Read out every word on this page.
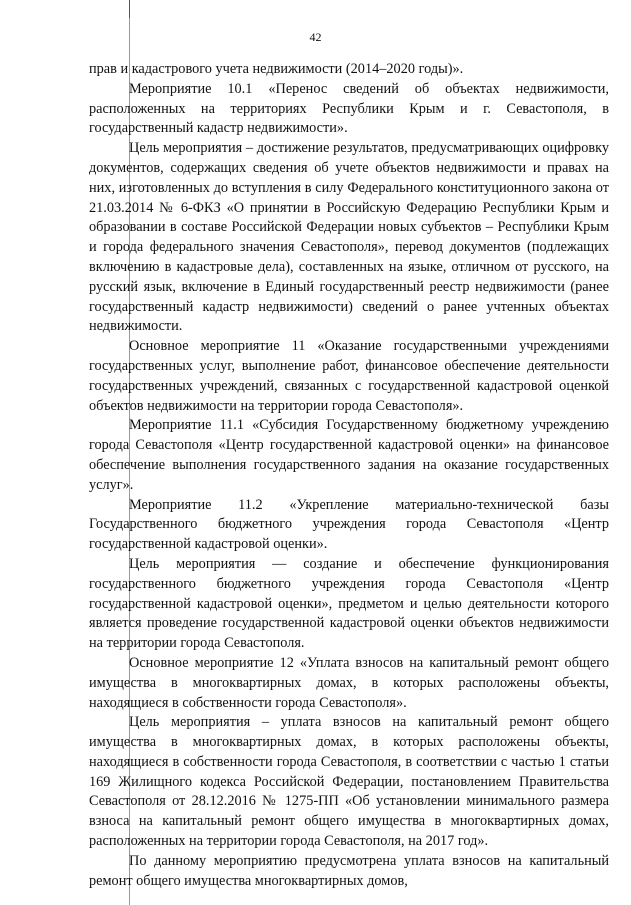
42

прав и кадастрового учета недвижимости (2014–2020 годы)».

Мероприятие 10.1 «Перенос сведений об объектах недвижимости, расположенных на территориях Республики Крым и г. Севастополя, в государственный кадастр недвижимости».

Цель мероприятия – достижение результатов, предусматривающих оцифровку документов, содержащих сведения об учете объектов недвижимости и правах на них, изготовленных до вступления в силу Федерального конституционного закона от 21.03.2014 № 6-ФКЗ «О принятии в Российскую Федерацию Республики Крым и образовании в составе Российской Федерации новых субъектов – Республики Крым и города федерального значения Севастополя», перевод документов (подлежащих включению в кадастровые дела), составленных на языке, отличном от русского, на русский язык, включение в Единый государственный реестр недвижимости (ранее государственный кадастр недвижимости) сведений о ранее учтенных объектах недвижимости.

Основное мероприятие 11 «Оказание государственными учреждениями государственных услуг, выполнение работ, финансовое обеспечение деятельности государственных учреждений, связанных с государственной кадастровой оценкой объектов недвижимости на территории города Севастополя».

Мероприятие 11.1 «Субсидия Государственному бюджетному учреждению города Севастополя «Центр государственной кадастровой оценки» на финансовое обеспечение выполнения государственного задания на оказание государственных услуг».

Мероприятие 11.2 «Укрепление материально-технической базы Государственного бюджетного учреждения города Севастополя «Центр государственной кадастровой оценки».

Цель мероприятия — создание и обеспечение функционирования государственного бюджетного учреждения города Севастополя «Центр государственной кадастровой оценки», предметом и целью деятельности которого является проведение государственной кадастровой оценки объектов недвижимости на территории города Севастополя.

Основное мероприятие 12 «Уплата взносов на капитальный ремонт общего имущества в многоквартирных домах, в которых расположены объекты, находящиеся в собственности города Севастополя».

Цель мероприятия – уплата взносов на капитальный ремонт общего имущества в многоквартирных домах, в которых расположены объекты, находящиеся в собственности города Севастополя, в соответствии с частью 1 статьи 169 Жилищного кодекса Российской Федерации, постановлением Правительства Севастополя от 28.12.2016 № 1275-ПП «Об установлении минимального размера взноса на капитальный ремонт общего имущества в многоквартирных домах, расположенных на территории города Севастополя, на 2017 год».

По данному мероприятию предусмотрена уплата взносов на капитальный ремонт общего имущества многоквартирных домов,
